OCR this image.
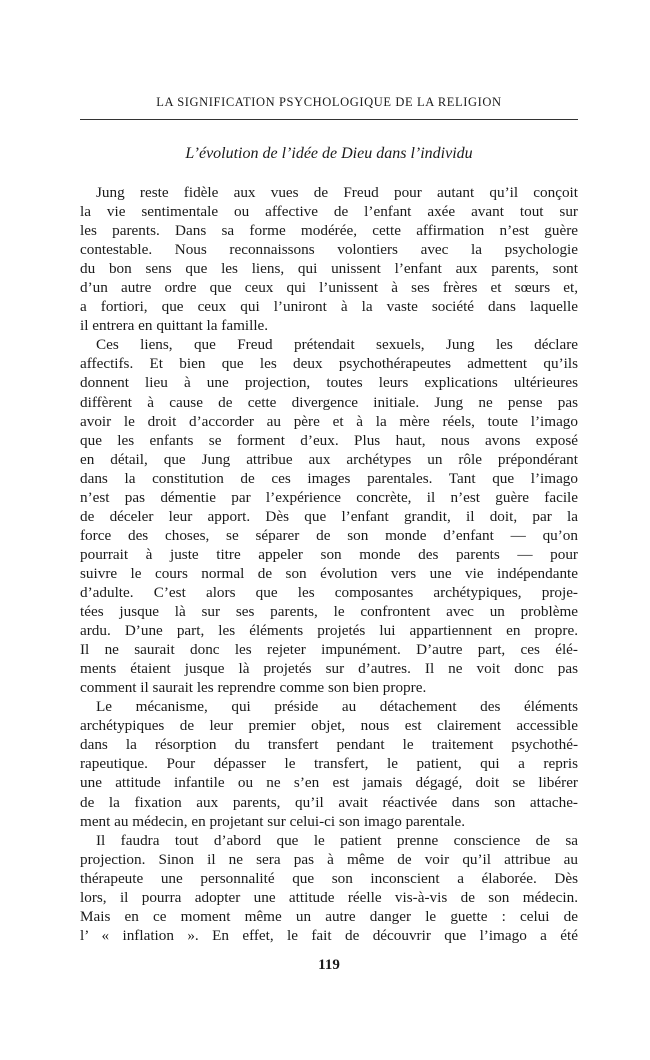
LA SIGNIFICATION PSYCHOLOGIQUE DE LA RELIGION
L’évolution de l’idée de Dieu dans l’individu
Jung reste fidèle aux vues de Freud pour autant qu’il conçoit
la vie sentimentale ou affective de l’enfant axée avant tout sur
les parents. Dans sa forme modérée, cette affirmation n’est guère
contestable. Nous reconnaissons volontiers avec la psychologie
du bon sens que les liens, qui unissent l’enfant aux parents, sont
d’un autre ordre que ceux qui l’unissent à ses frères et sœurs et,
a fortiori, que ceux qui l’uniront à la vaste société dans laquelle
il entrera en quittant la famille.
Ces liens, que Freud prétendait sexuels, Jung les déclare
affectifs. Et bien que les deux psychothérapeutes admettent qu’ils
donnent lieu à une projection, toutes leurs explications ultérieures
diffèrent à cause de cette divergence initiale. Jung ne pense pas
avoir le droit d’accorder au père et à la mère réels, toute l’imago
que les enfants se forment d’eux. Plus haut, nous avons exposé
en détail, que Jung attribue aux archétypes un rôle prépondérant
dans la constitution de ces images parentales. Tant que l’imago
n’est pas démentie par l’expérience concrète, il n’est guère facile
de déceler leur apport. Dès que l’enfant grandit, il doit, par la
force des choses, se séparer de son monde d’enfant — qu’on
pourrait à juste titre appeler son monde des parents — pour
suivre le cours normal de son évolution vers une vie indépendante
d’adulte. C’est alors que les composantes archétypiques, proje-
tées jusque là sur ses parents, le confrontent avec un problème
ardu. D’une part, les éléments projetés lui appartiennent en propre.
Il ne saurait donc les rejeter impunément. D’autre part, ces élé-
ments étaient jusque là projetés sur d’autres. Il ne voit donc pas
comment il saurait les reprendre comme son bien propre.
Le mécanisme, qui préside au détachement des éléments
archétypiques de leur premier objet, nous est clairement accessible
dans la résorption du transfert pendant le traitement psychothé-
rapeutique. Pour dépasser le transfert, le patient, qui a repris
une attitude infantile ou ne s’en est jamais dégagé, doit se libérer
de la fixation aux parents, qu’il avait réactivée dans son attache-
ment au médecin, en projetant sur celui-ci son imago parentale.
Il faudra tout d’abord que le patient prenne conscience de sa
projection. Sinon il ne sera pas à même de voir qu’il attribue au
thérapeute une personnalité que son inconscient a élaborée. Dès
lors, il pourra adopter une attitude réelle vis-à-vis de son médecin.
Mais en ce moment même un autre danger le guette : celui de
l’ « inflation ». En effet, le fait de découvrir que l’imago a été
119
